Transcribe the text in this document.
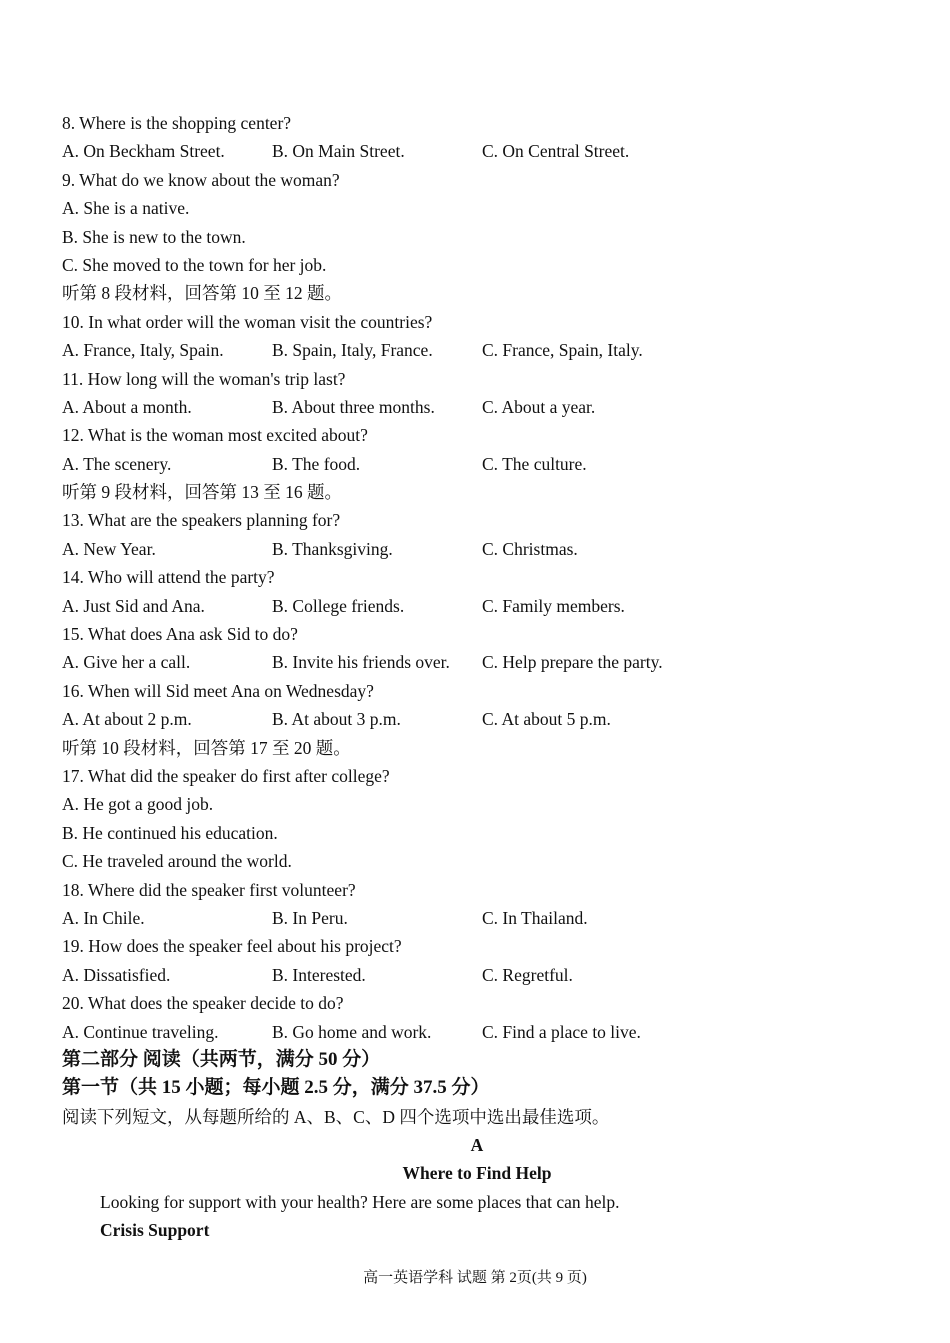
8. Where is the shopping center?
A. On Beckham Street.	B. On Main Street.	C. On Central Street.
9. What do we know about the woman?
A. She is a native.
B. She is new to the town.
C. She moved to the town for her job.
听第 8 段材料，回答第 10 至 12 题。
10. In what order will the woman visit the countries?
A. France, Italy, Spain.	B. Spain, Italy, France.	C. France, Spain, Italy.
11. How long will the woman's trip last?
A. About a month.	B. About three months.	C. About a year.
12. What is the woman most excited about?
A. The scenery.	B. The food.	C. The culture.
听第 9 段材料，回答第 13 至 16 题。
13. What are the speakers planning for?
A. New Year.	B. Thanksgiving.	C. Christmas.
14. Who will attend the party?
A. Just Sid and Ana.	B. College friends.	C. Family members.
15. What does Ana ask Sid to do?
A. Give her a call.	B. Invite his friends over. C. Help prepare the party.
16. When will Sid meet Ana on Wednesday?
A. At about 2 p.m.	B. At about 3 p.m.	C. At about 5 p.m.
听第 10 段材料，回答第 17 至 20 题。
17. What did the speaker do first after college?
A. He got a good job.
B. He continued his education.
C. He traveled around the world.
18. Where did the speaker first volunteer?
A. In Chile.	B. In Peru.	C. In Thailand.
19. How does the speaker feel about his project?
A. Dissatisfied.	B. Interested.	C. Regretful.
20. What does the speaker decide to do?
A. Continue traveling.	B. Go home and work.	C. Find a place to live.
第二部分 阅读（共两节，满分 50 分）
第一节（共 15 小题；每小题 2.5 分，满分 37.5 分）
阅读下列短文，从每题所给的 A、B、C、D 四个选项中选出最佳选项。
A
Where to Find Help
Looking for support with your health? Here are some places that can help.
Crisis Support
高一英语学科 试题 第 2页(共 9 页)
